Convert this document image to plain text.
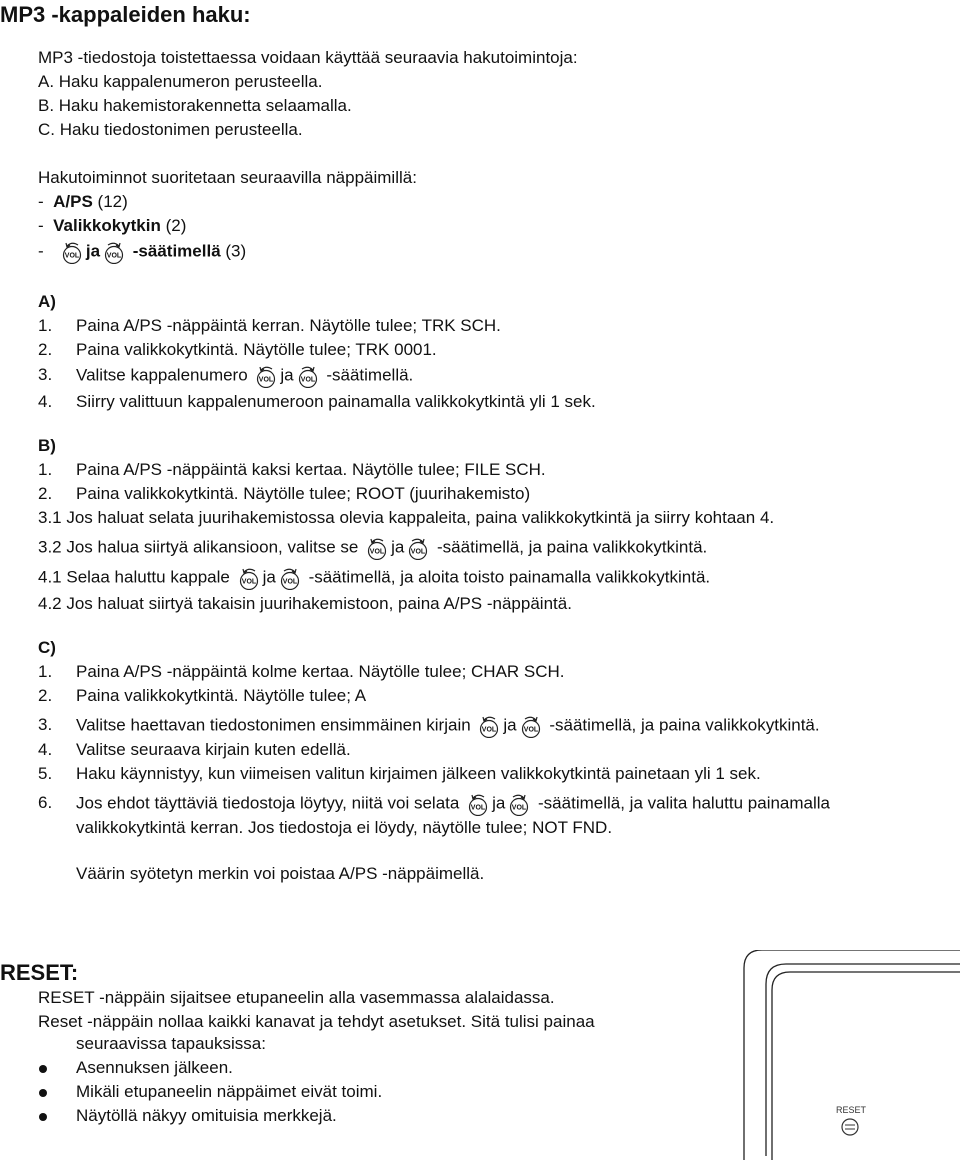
MP3 -kappaleiden haku:
MP3 -tiedostoja toistettaessa voidaan käyttää seuraavia hakutoimintoja:
A. Haku kappalenumeron perusteella.
B. Haku hakemistorakennetta selaamalla.
C. Haku tiedostonimen perusteella.
Hakutoiminnot suoritetaan seuraavilla näppäimillä:
- A/PS (12)
- Valikkokytkin (2)
-	VOL ja VOL -säätimellä (3)
A)
1. Paina A/PS -näppäintä kerran. Näytölle tulee; TRK SCH.
2. Paina valikkokytkintä. Näytölle tulee; TRK 0001.
3. Valitse kappalenumero VOL ja VOL -säätimellä.
4. Siirry valittuun kappalenumeroon painamalla valikkokytkintä yli 1 sek.
B)
1. Paina A/PS -näppäintä kaksi kertaa. Näytölle tulee; FILE SCH.
2. Paina valikkokytkintä. Näytölle tulee; ROOT (juurihakemisto)
3.1 Jos haluat selata juurihakemistossa olevia kappaleita, paina valikkokytkintä ja siirry kohtaan 4.
3.2 Jos halua siirtyä alikansioon, valitse se VOL ja VOL -säätimellä, ja paina valikkokytkintä.
4.1 Selaa haluttu kappale VOL ja VOL -säätimellä, ja aloita toisto painamalla valikkokytkintä.
4.2 Jos haluat siirtyä takaisin juurihakemistoon, paina A/PS -näppäintä.
C)
1. Paina A/PS -näppäintä kolme kertaa. Näytölle tulee; CHAR SCH.
2. Paina valikkokytkintä. Näytölle tulee; A
3. Valitse haettavan tiedostonimen ensimmäinen kirjain VOL ja VOL -säätimellä, ja paina valikkokytkintä.
4. Valitse seuraava kirjain kuten edellä.
5. Haku käynnistyy, kun viimeisen valitun kirjaimen jälkeen valikkokytkintä painetaan yli 1 sek.
6. Jos ehdot täyttäviä tiedostoja löytyy, niitä voi selata VOL ja VOL -säätimellä, ja valita haluttu painamalla
valikkokytkintä kerran. Jos tiedostoja ei löydy, näytölle tulee; NOT FND.
Väärin syötetyn merkin voi poistaa A/PS -näppäimellä.
RESET:
RESET -näppäin sijaitsee etupaneelin alla vasemmassa alalaidassa.
Reset -näppäin nollaa kaikki kanavat ja tehdyt asetukset. Sitä tulisi painaa
seuraavissa tapauksissa:
Asennuksen jälkeen.
Mikäli etupaneelin näppäimet eivät toimi.
Näytöllä näkyy omituisia merkkejä.	RESET
